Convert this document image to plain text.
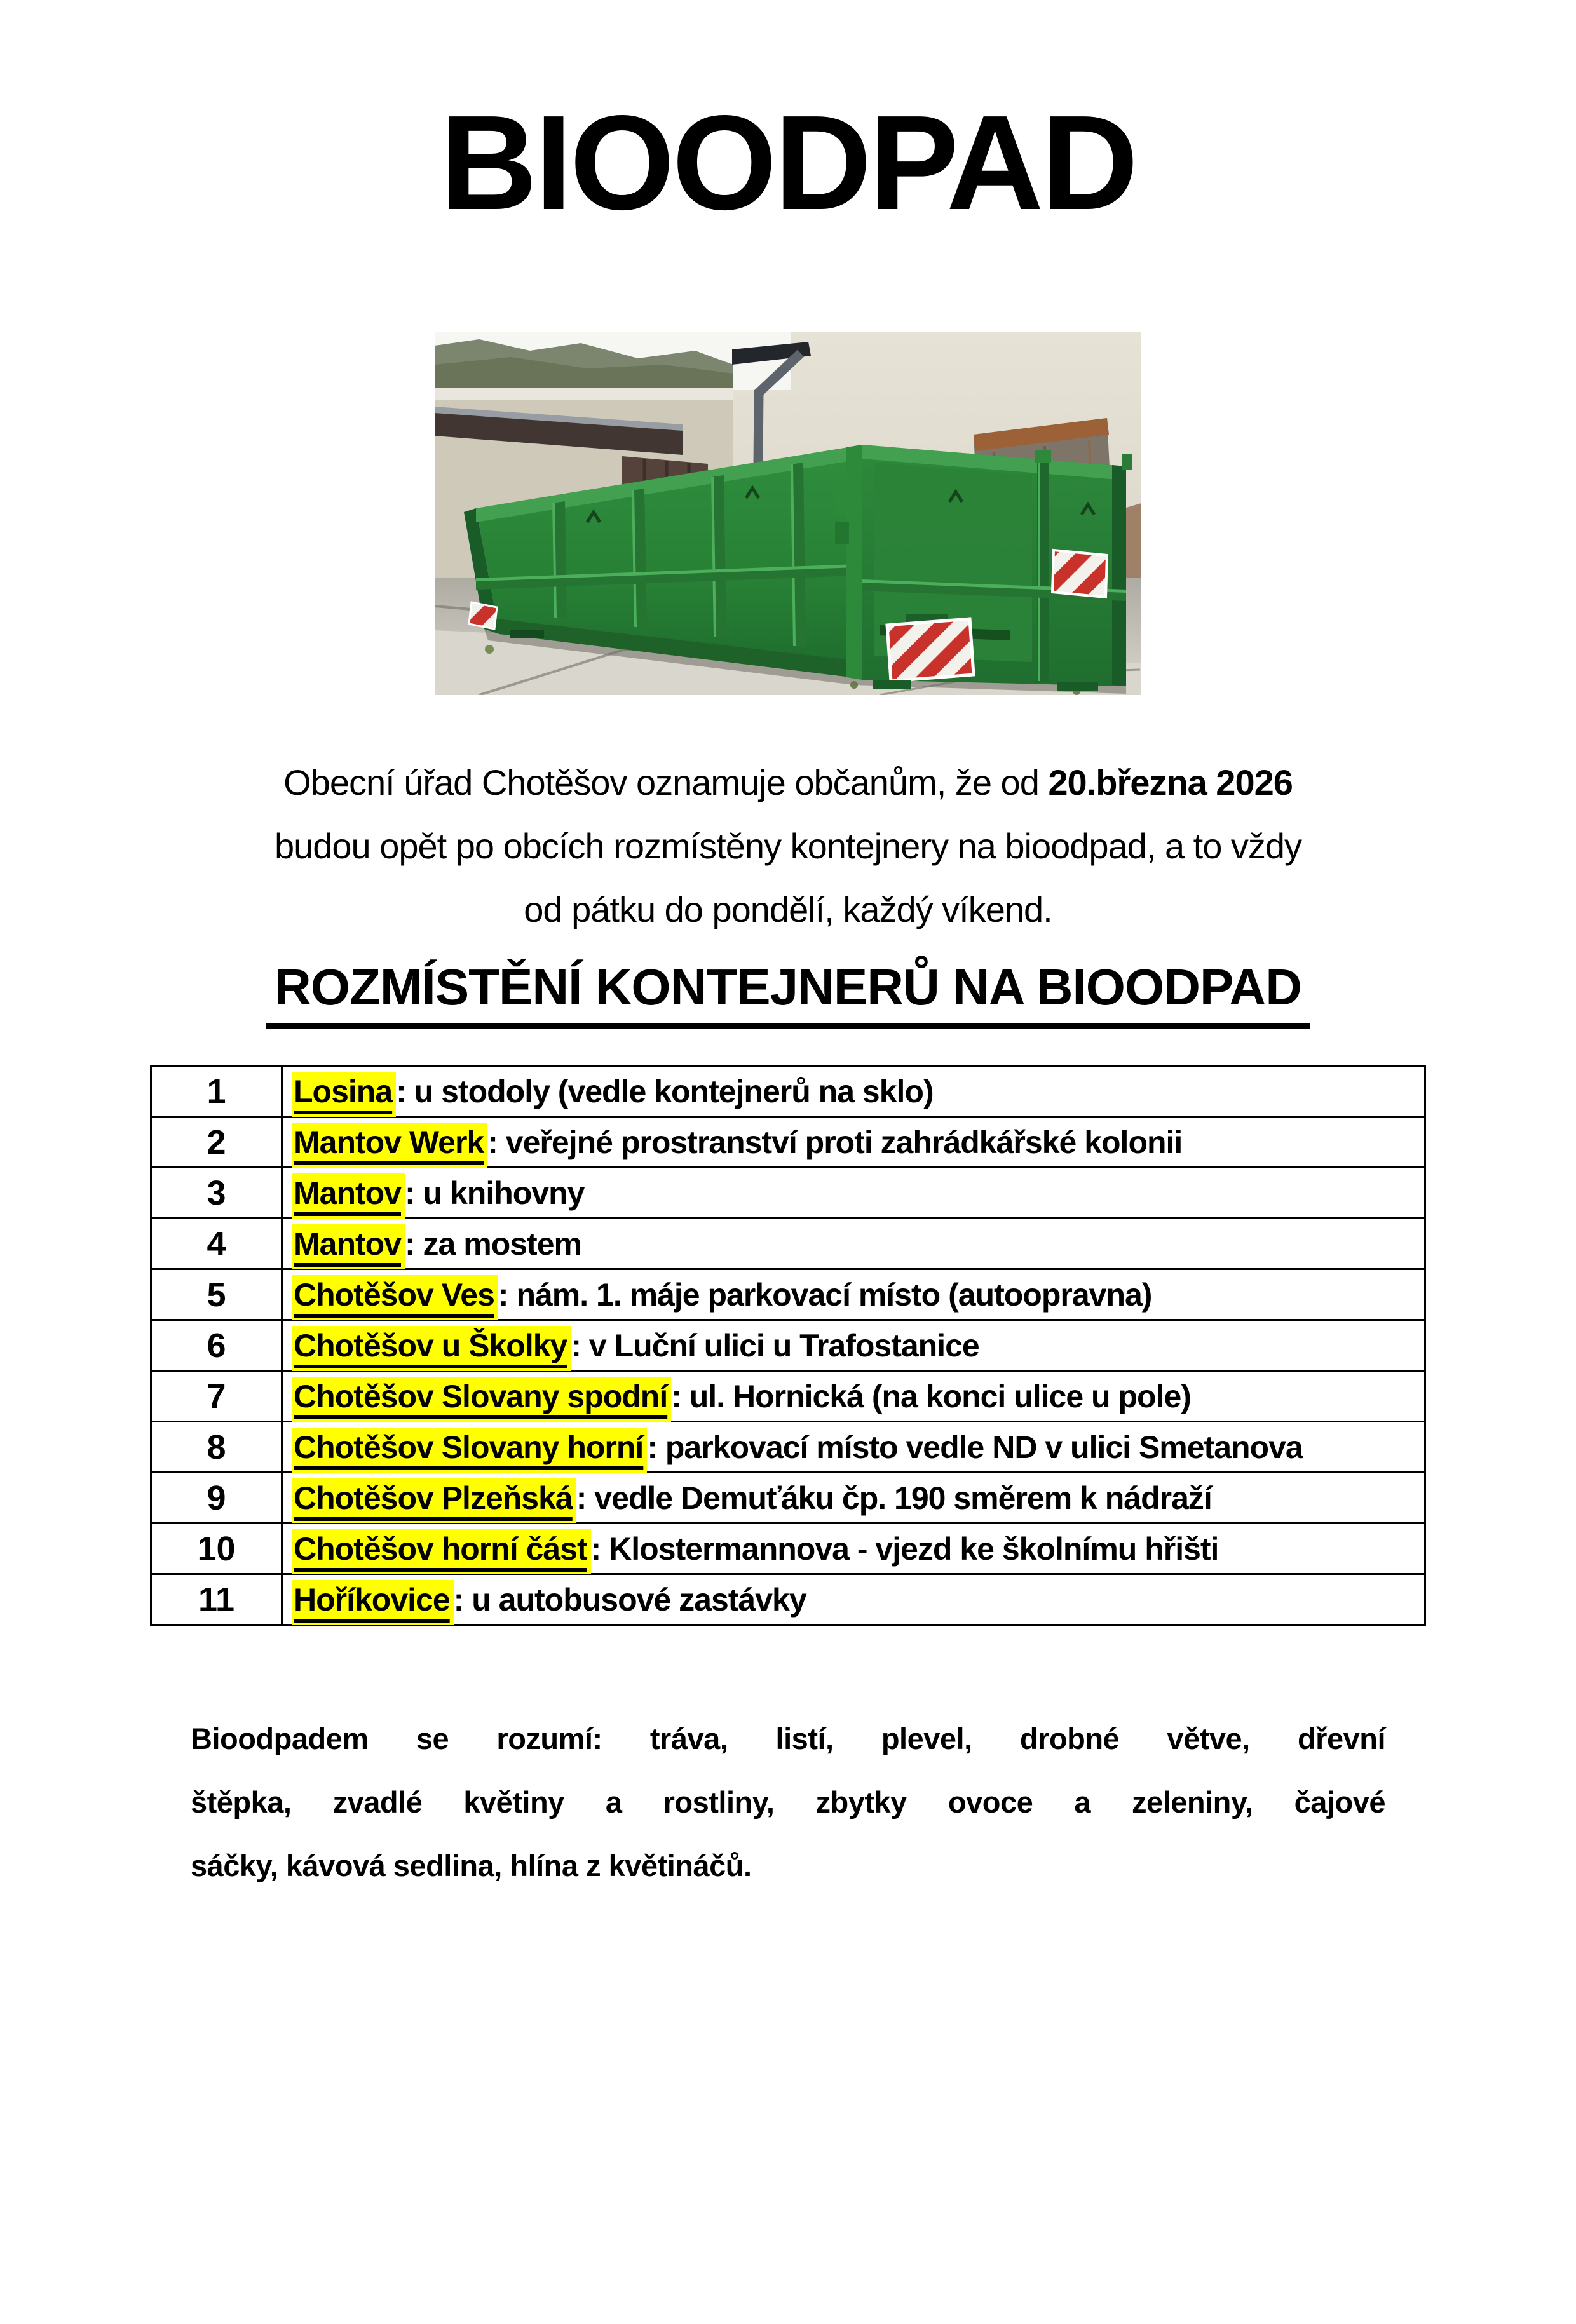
BIOODPAD
Obecní úřad Chotěšov oznamuje občanům, že od 20.března 2026
budou opět po obcích rozmístěny kontejnery na bioodpad, a to vždy
od pátku do pondělí, každý víkend.
ROZMÍSTĚNÍ KONTEJNERŮ NA BIOODPAD
1	Losina : u stodoly (vedle kontejnerů na sklo)
2	Mantov Werk : veřejné prostranství proti zahrádkářské kolonii
3	Mantov : u knihovny
4	Mantov : za mostem
5	Chotěšov Ves : nám. 1. máje parkovací místo (autoopravna)
6	Chotěšov u Školky : v Luční ulici u Trafostanice
7	Chotěšov Slovany spodní : ul. Hornická (na konci ulice u pole)
8	Chotěšov Slovany horní : parkovací místo vedle ND v ulici Smetanova
9	Chotěšov Plzeňská : vedle Demuťáku čp. 190 směrem k nádraží
10	Chotěšov horní část : Klostermannova - vjezd ke školnímu hřišti
11	Hoříkovice : u autobusové zastávky
Bioodpadem se rozumí: tráva, listí, plevel, drobné větve, dřevní
štěpka, zvadlé květiny a rostliny, zbytky ovoce a zeleniny, čajové
sáčky, kávová sedlina, hlína z květináčů.
